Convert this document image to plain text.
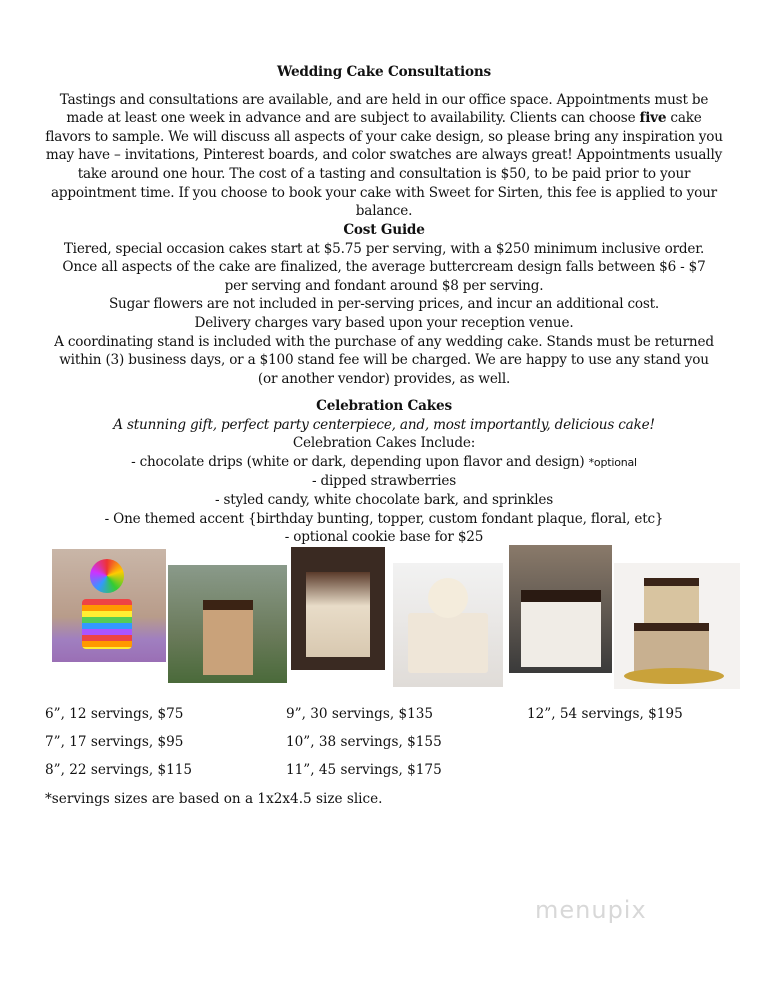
Wedding Cake Consultations
Tastings and consultations are available, and are held in our office space. Appointments must be made at least one week in advance and are subject to availability. Clients can choose five cake flavors to sample. We will discuss all aspects of your cake design, so please bring any inspiration you may have – invitations, Pinterest boards, and color swatches are always great! Appointments usually take around one hour. The cost of a tasting and consultation is $50, to be paid prior to your appointment time. If you choose to book your cake with Sweet for Sirten, this fee is applied to your balance.
Cost Guide
Tiered, special occasion cakes start at $5.75 per serving, with a $250 minimum inclusive order. Once all aspects of the cake are finalized, the average buttercream design falls between $6 - $7 per serving and fondant around $8 per serving.
Sugar flowers are not included in per-serving prices, and incur an additional cost.
Delivery charges vary based upon your reception venue.
A coordinating stand is included with the purchase of any wedding cake. Stands must be returned within (3) business days, or a $100 stand fee will be charged. We are happy to use any stand you (or another vendor) provides, as well.
Celebration Cakes
A stunning gift, perfect party centerpiece, and, most importantly, delicious cake!
Celebration Cakes Include:
- chocolate drips (white or dark, depending upon flavor and design) *optional
- dipped strawberries
- styled candy, white chocolate bark, and sprinkles
- One themed accent {birthday bunting, topper, custom fondant plaque, floral, etc}
- optional cookie base for $25
6”, 12 servings, $75
7”, 17 servings, $95
8”, 22 servings, $115
9”, 30 servings, $135
10”, 38 servings, $155
11”, 45 servings, $175
12”, 54 servings, $195
*servings sizes are based on a 1x2x4.5 size slice.
menupix
